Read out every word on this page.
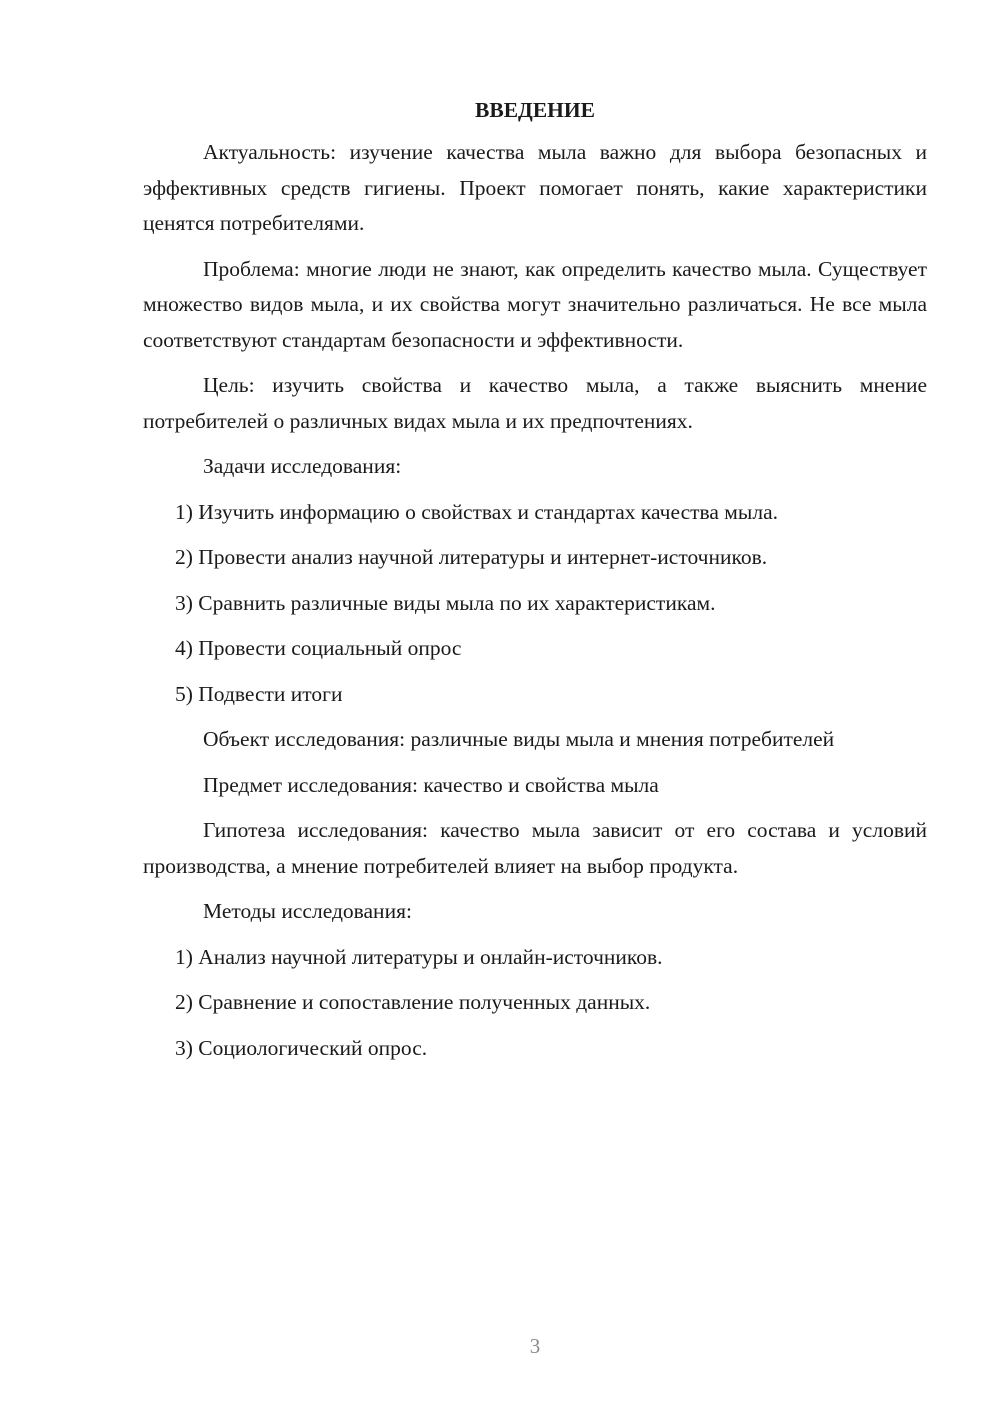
ВВЕДЕНИЕ
Актуальность: изучение качества мыла важно для выбора безопасных и эффективных средств гигиены. Проект помогает понять, какие характеристики ценятся потребителями.
Проблема: многие люди не знают, как определить качество мыла. Существует множество видов мыла, и их свойства могут значительно различаться. Не все мыла соответствуют стандартам безопасности и эффективности.
Цель: изучить свойства и качество мыла, а также выяснить мнение потребителей о различных видах мыла и их предпочтениях.
Задачи исследования:
1) Изучить информацию о свойствах и стандартах качества мыла.
2) Провести анализ научной литературы и интернет-источников.
3) Сравнить различные виды мыла по их характеристикам.
4) Провести социальный опрос
5) Подвести итоги
Объект исследования: различные виды мыла и мнения потребителей
Предмет исследования: качество и свойства мыла
Гипотеза исследования: качество мыла зависит от его состава и условий производства, а мнение потребителей влияет на выбор продукта.
Методы исследования:
1) Анализ научной литературы и онлайн-источников.
2) Сравнение и сопоставление полученных данных.
3) Социологический опрос.
3
